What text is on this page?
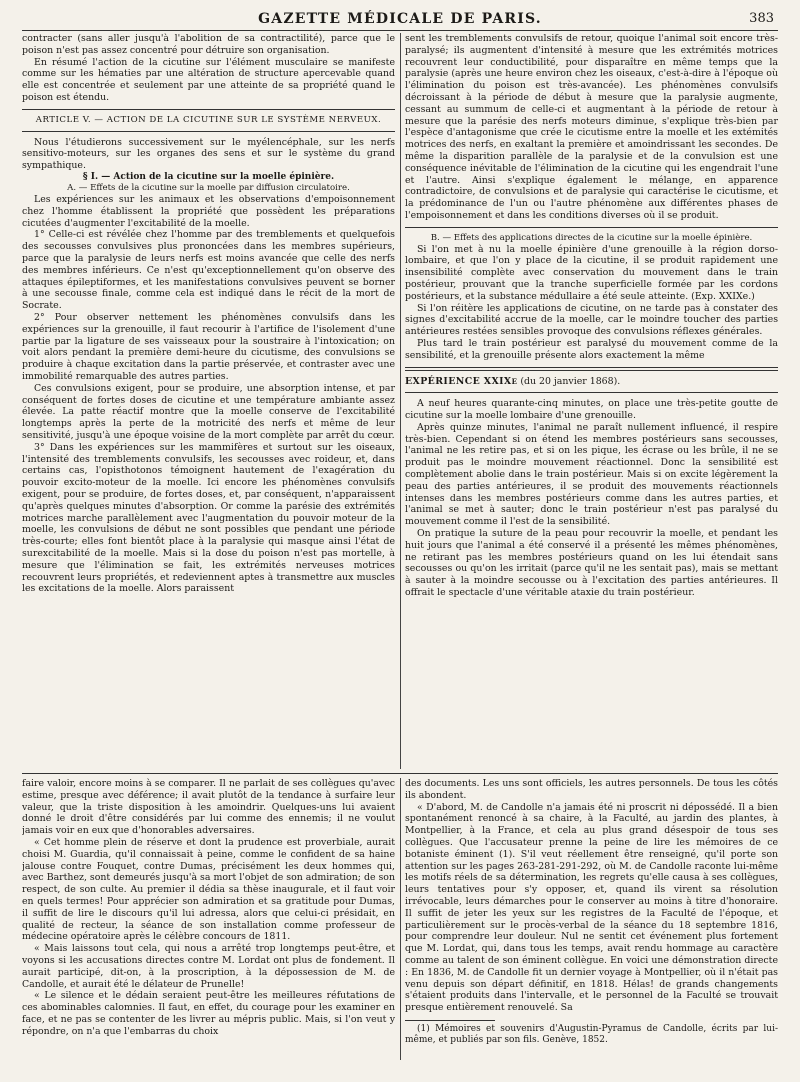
GAZETTE MÉDICALE DE PARIS.	383

contracter (sans aller jusqu'à l'abolition de sa contractilité), parce que le poison n'est pas assez concentré pour détruire son organisation.

En résumé l'action de la cicutine sur l'élément musculaire se manifeste comme sur les hématies par une altération de structure apercevable quand elle est concentrée et seulement par une atteinte de sa propriété quand le poison est étendu.

ARTICLE V. — ACTION DE LA CICUTINE SUR LE SYSTÈME NERVEUX.

Nous l'étudierons successivement sur le myélencéphale, sur les nerfs sensitivo-moteurs, sur les organes des sens et sur le système du grand sympathique.

§ I. — Action de la cicutine sur la moelle épinière.

A. — Effets de la cicutine sur la moelle par diffusion circulatoire.

Les expériences sur les animaux et les observations d'empoisonnement chez l'homme établissent la propriété que possèdent les préparations cicutées d'augmenter l'excitabilité de la moelle.

1° Celle-ci est révélée chez l'homme par des tremblements et quelquefois des secousses convulsives plus prononcées dans les membres supérieurs, parce que la paralysie de leurs nerfs est moins avancée que celle des nerfs des membres inférieurs. Ce n'est qu'exceptionnellement qu'on observe des attaques épileptiformes, et les manifestations convulsives peuvent se borner à une secousse finale, comme cela est indiqué dans le récit de la mort de Socrate.

2° Pour observer nettement les phénomènes convulsifs dans les expériences sur la grenouille, il faut recourir à l'artifice de l'isolement d'une partie par la ligature de ses vaisseaux pour la soustraire à l'intoxication; on voit alors pendant la première demi-heure du cicutisme, des convulsions se produire à chaque excitation dans la partie préservée, et contraster avec une immobilité remarquable des autres parties.

Ces convulsions exigent, pour se produire, une absorption intense, et par conséquent de fortes doses de cicutine et une température ambiante assez élevée. La patte réactif montre que la moelle conserve de l'excitabilité longtemps après la perte de la motricité des nerfs et même de leur sensitivité, jusqu'à une époque voisine de la mort complète par arrêt du cœur.

3° Dans les expériences sur les mammifères et surtout sur les oiseaux, l'intensité des tremblements convulsifs, les secousses avec roideur, et, dans certains cas, l'opisthotonos témoignent hautement de l'exagération du pouvoir excito-moteur de la moelle. Ici encore les phénomènes convulsifs exigent, pour se produire, de fortes doses, et, par conséquent, n'apparaissent qu'après quelques minutes d'absorption. Or comme la parésie des extrémités motrices marche parallèlement avec l'augmentation du pouvoir moteur de la moelle, les convulsions de début ne sont possibles que pendant une période très-courte; elles font bientôt place à la paralysie qui masque ainsi l'état de surexcitabilité de la moelle. Mais si la dose du poison n'est pas mortelle, à mesure que l'élimination se fait, les extrémités nerveuses motrices recouvrent leurs propriétés, et redeviennent aptes à transmettre aux muscles les excitations de la moelle. Alors paraissent

sent les tremblements convulsifs de retour, quoique l'animal soit encore très-paralysé; ils augmentent d'intensité à mesure que les extrémités motrices recouvrent leur conductibilité, pour disparaître en même temps que la paralysie (après une heure environ chez les oiseaux, c'est-à-dire à l'époque où l'élimination du poison est très-avancée). Les phénomènes convulsifs décroissant à la période de début à mesure que la paralysie augmente, cessant au summum de celle-ci et augmentant à la période de retour à mesure que la parésie des nerfs moteurs diminue, s'explique très-bien par l'espèce d'antagonisme que crée le cicutisme entre la moelle et les extémités motrices des nerfs, en exaltant la première et amoindrissant les secondes. De même la disparition parallèle de la paralysie et de la convulsion est une conséquence inévitable de l'élimination de la cicutine qui les engendrait l'une et l'autre. Ainsi s'explique également le mélange, en apparence contradictoire, de convulsions et de paralysie qui caractérise le cicutisme, et la prédominance de l'un ou l'autre phénomène aux différentes phases de l'empoisonnement et dans les conditions diverses où il se produit.

B. — Effets des applications directes de la cicutine sur la moelle épinière.

Si l'on met à nu la moelle épinière d'une grenouille à la région dorso-lombaire, et que l'on y place de la cicutine, il se produit rapidement une insensibilité complète avec conservation du mouvement dans le train postérieur, prouvant que la tranche superficielle formée par les cordons postérieurs, et la substance médullaire a été seule atteinte. (Exp. XXIXe.)

Si l'on réitère les applications de cicutine, on ne tarde pas à constater des signes d'excitabilité accrue de la moelle, car le moindre toucher des parties antérieures restées sensibles provoque des convulsions réflexes générales.

Plus tard le train postérieur est paralysé du mouvement comme de la sensibilité, et la grenouille présente alors exactement la même

EXPÉRIENCE XXIXe (du 20 janvier 1868).

A neuf heures quarante-cinq minutes, on place une très-petite goutte de cicutine sur la moelle lombaire d'une grenouille.

Après quinze minutes, l'animal ne paraît nullement influencé, il respire très-bien. Cependant si on étend les membres postérieurs sans secousses, l'animal ne les retire pas, et si on les pique, les écrase ou les brûle, il ne se produit pas le moindre mouvement réactionnel. Donc la sensibilité est complètement abolie dans le train postérieur. Mais si on excite légèrement la peau des parties antérieures, il se produit des mouvements réactionnels intenses dans les membres postérieurs comme dans les autres parties, et l'animal se met à sauter; donc le train postérieur n'est pas paralysé du mouvement comme il l'est de la sensibilité.

On pratique la suture de la peau pour recouvrir la moelle, et pendant les huit jours que l'animal a été conservé il a présenté les mêmes phénomènes, ne retirant pas les membres postérieurs quand on les lui étendait sans secousses ou qu'on les irritait (parce qu'il ne les sentait pas), mais se mettant à sauter à la moindre secousse ou à l'excitation des parties antérieures. Il offrait le spectacle d'une véritable ataxie du train postérieur.

faire valoir, encore moins à se comparer. Il ne parlait de ses collègues qu'avec estime, presque avec déférence; il avait plutôt de la tendance à surfaire leur valeur, que la triste disposition à les amoindrir. Quelques-uns lui avaient donné le droit d'être considérés par lui comme des ennemis; il ne voulut jamais voir en eux que d'honorables adversaires.

« Cet homme plein de réserve et dont la prudence est proverbiale, aurait choisi M. Guardia, qu'il connaissait à peine, comme le confident de sa haine jalouse contre Fouquet, contre Dumas, précisément les deux hommes qui, avec Barthez, sont demeurés jusqu'à sa mort l'objet de son admiration; de son respect, de son culte. Au premier il dédia sa thèse inaugurale, et il faut voir en quels termes! Pour apprécier son admiration et sa gratitude pour Dumas, il suffit de lire le discours qu'il lui adressa, alors que celui-ci présidait, en qualité de recteur, la séance de son installation comme professeur de médecine opératoire après le célèbre concours de 1811.

« Mais laissons tout cela, qui nous a arrêté trop longtemps peut-être, et voyons si les accusations directes contre M. Lordat ont plus de fondement. Il aurait participé, dit-on, à la proscription, à la dépossession de M. de Candolle, et aurait été le délateur de Prunelle!

« Le silence et le dédain seraient peut-être les meilleures réfutations de ces abominables calomnies. Il faut, en effet, du courage pour les examiner en face, et ne pas se contenter de les livrer au mépris public. Mais, si l'on veut y répondre, on n'a que l'embarras du choix

des documents. Les uns sont officiels, les autres personnels. De tous les côtés ils abondent.

« D'abord, M. de Candolle n'a jamais été ni proscrit ni dépossédé. Il a bien spontanément renoncé à sa chaire, à la Faculté, au jardin des plantes, à Montpellier, à la France, et cela au plus grand désespoir de tous ses collègues. Que l'accusateur prenne la peine de lire les mémoires de ce botaniste éminent (1). S'il veut réellement être renseigné, qu'il porte son attention sur les pages 263-281-291-292, où M. de Candolle raconte lui-même les motifs réels de sa détermination, les regrets qu'elle causa à ses collègues, leurs tentatives pour s'y opposer, et, quand ils virent sa résolution irrévocable, leurs démarches pour le conserver au moins à titre d'honoraire. Il suffit de jeter les yeux sur les registres de la Faculté de l'époque, et particulièrement sur le procès-verbal de la séance du 18 septembre 1816, pour comprendre leur douleur. Nul ne sentit cet événement plus fortement que M. Lordat, qui, dans tous les temps, avait rendu hommage au caractère comme au talent de son éminent collègue. En voici une démonstration directe : En 1836, M. de Candolle fit un dernier voyage à Montpellier, où il n'était pas venu depuis son départ définitif, en 1818. Hélas! de grands changements s'étaient produits dans l'intervalle, et le personnel de la Faculté se trouvait presque entièrement renouvelé. Sa

(1) Mémoires et souvenirs d'Augustin-Pyramus de Candolle, écrits par lui-même, et publiés par son fils. Genève, 1852.
